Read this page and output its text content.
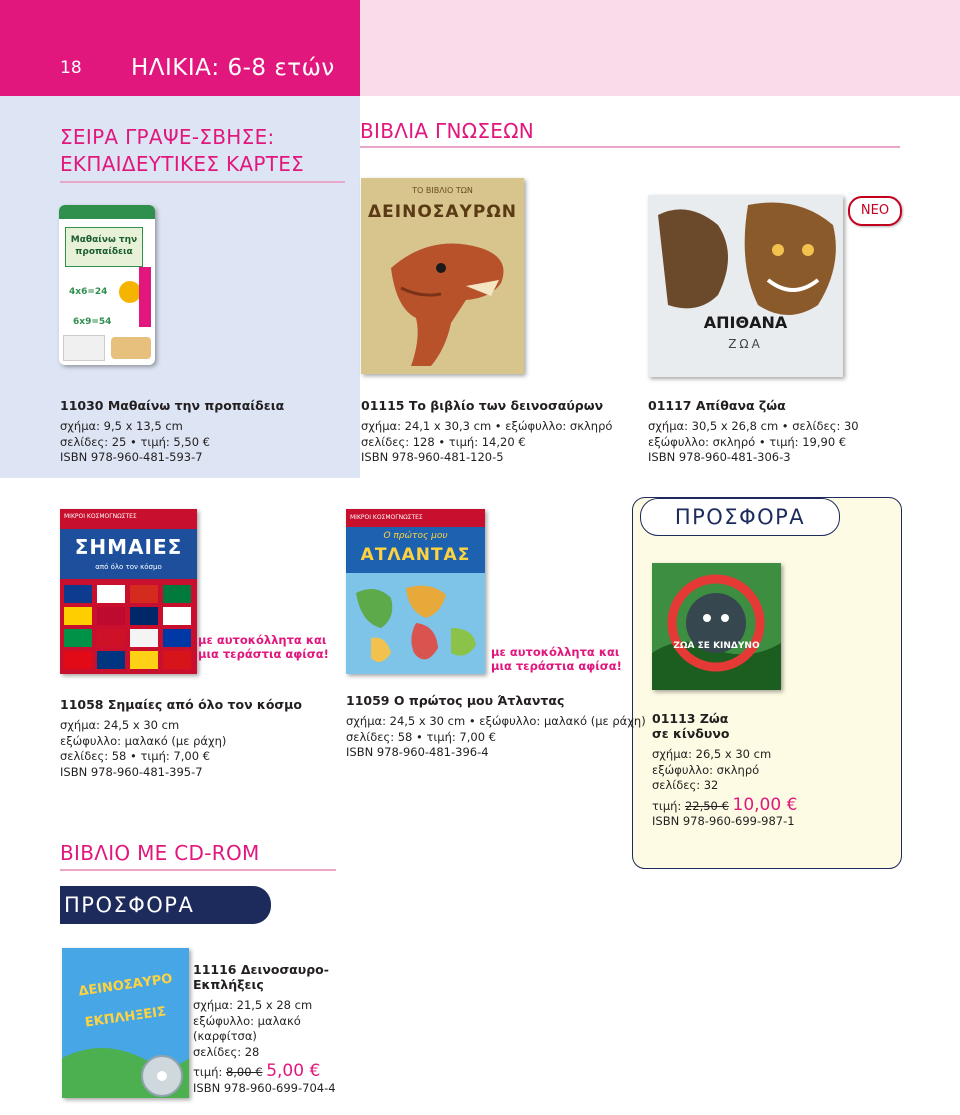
18 ΗΛΙΚΙΑ: 6-8 ετών
ΣΕΙΡΑ ΓΡΑΨΕ-ΣΒΗΣΕ:
ΕΚΠΑΙΔΕΥΤΙΚΕΣ ΚΑΡΤΕΣ
ΒΙΒΛΙΑ ΓΝΩΣΕΩΝ
Μαθαίνω την προπαίδεια
4x6=24
6x9=54
ΤΟ ΒΙΒΛΙΟ ΤΩΝ
ΔΕΙΝΟΣΑΥΡΩΝ	ΝΕΟ
ΑΠΙΘΑΝΑ
ΖΩΑ
11030 Μαθαίνω την προπαίδεια
σχήμα: 9,5 x 13,5 cm
σελίδες: 25 • τιμή: 5,50 €
ISBN 978-960-481-593-7
01115 Το βιβλίο των δεινοσαύρων
σχήμα: 24,1 x 30,3 cm • εξώφυλλο: σκληρό
σελίδες: 128 • τιμή: 14,20 €
ISBN 978-960-481-120-5
01117 Απίθανα ζώα
σχήμα: 30,5 x 26,8 cm • σελίδες: 30
εξώφυλλο: σκληρό • τιμή: 19,90 €
ISBN 978-960-481-306-3
ΠΡΟΣΦΟΡΑ
ΜΙΚΡΟΙ ΚΟΣΜΟΓΝΩΣΤΕΣ
ΣΗΜΑΙΕΣ
από όλο τον κόσμο
με αυτοκόλλητα και
μια τεράστια αφίσα!
ΜΙΚΡΟΙ ΚΟΣΜΟΓΝΩΣΤΕΣ
Ο πρώτος μου
ΑΤΛΑΝΤΑΣ
με αυτοκόλλητα και
μια τεράστια αφίσα!
ΖΩΑ ΣΕ ΚΙΝΔΥΝΟ
11058 Σημαίες από όλο τον κόσμο
σχήμα: 24,5 x 30 cm
εξώφυλλο: μαλακό (με ράχη)
σελίδες: 58 • τιμή: 7,00 €
ISBN 978-960-481-395-7
11059 Ο πρώτος μου Άτλαντας
σχήμα: 24,5 x 30 cm • εξώφυλλο: μαλακό (με ράχη)
σελίδες: 58 • τιμή: 7,00 €
ISBN 978-960-481-396-4
01113 Ζώα
σε κίνδυνο
σχήμα: 26,5 x 30 cm
εξώφυλλο: σκληρό
σελίδες: 32
τιμή: 22,50 € 10,00 €
ISBN 978-960-699-987-1
ΒΙΒΛΙΟ ΜΕ CD-ROM
ΠΡΟΣΦΟΡΑ
ΔΕΙΝΟΣΑΥΡΟ
ΕΚΠΛΗΞΕΙΣ
11116 Δεινοσαυρο-
Εκπλήξεις
σχήμα: 21,5 x 28 cm
εξώφυλλο: μαλακό
(καρφίτσα)
σελίδες: 28
τιμή: 8,00 € 5,00 €
ISBN 978-960-699-704-4
